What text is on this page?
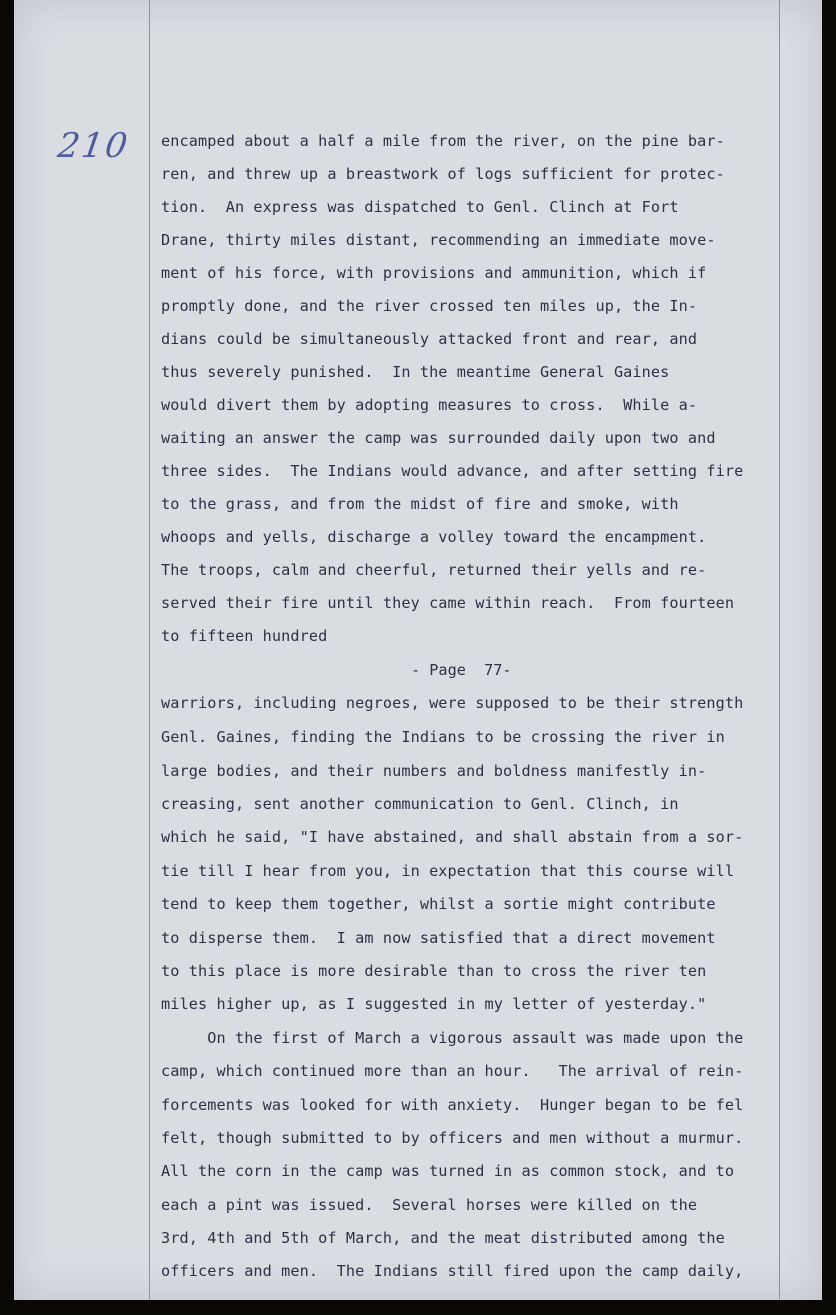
210 encamped about a half a mile from the river, on the pine bar-
ren, and threw up a breastwork of logs sufficient for protec-
tion.  An express was dispatched to Genl. Clinch at Fort
Drane, thirty miles distant, recommending an immediate move-
ment of his force, with provisions and ammunition, which if
promptly done, and the river crossed ten miles up, the In-
dians could be simultaneously attacked front and rear, and
thus severely punished.  In the meantime General Gaines
would divert them by adopting measures to cross.  While a-
waiting an answer the camp was surrounded daily upon two and
three sides.  The Indians would advance, and after setting fire
to the grass, and from the midst of fire and smoke, with
whoops and yells, discharge a volley toward the encampment.
The troops, calm and cheerful, returned their yells and re-
served their fire until they came within reach.  From fourteen
to fifteen hundred
- Page  77-
warriors, including negroes, were supposed to be their strength
Genl. Gaines, finding the Indians to be crossing the river in
large bodies, and their numbers and boldness manifestly in-
creasing, sent another communication to Genl. Clinch, in
which he said, "I have abstained, and shall abstain from a sor-
tie till I hear from you, in expectation that this course will
tend to keep them together, whilst a sortie might contribute
to disperse them.  I am now satisfied that a direct movement
to this place is more desirable than to cross the river ten
miles higher up, as I suggested in my letter of yesterday."
On the first of March a vigorous assault was made upon the
camp, which continued more than an hour.   The arrival of rein-
forcements was looked for with anxiety.  Hunger began to be fel
felt, though submitted to by officers and men without a murmur.
All the corn in the camp was turned in as common stock, and to
each a pint was issued.  Several horses were killed on the
3rd, 4th and 5th of March, and the meat distributed among the
officers and men.  The Indians still fired upon the camp daily,
